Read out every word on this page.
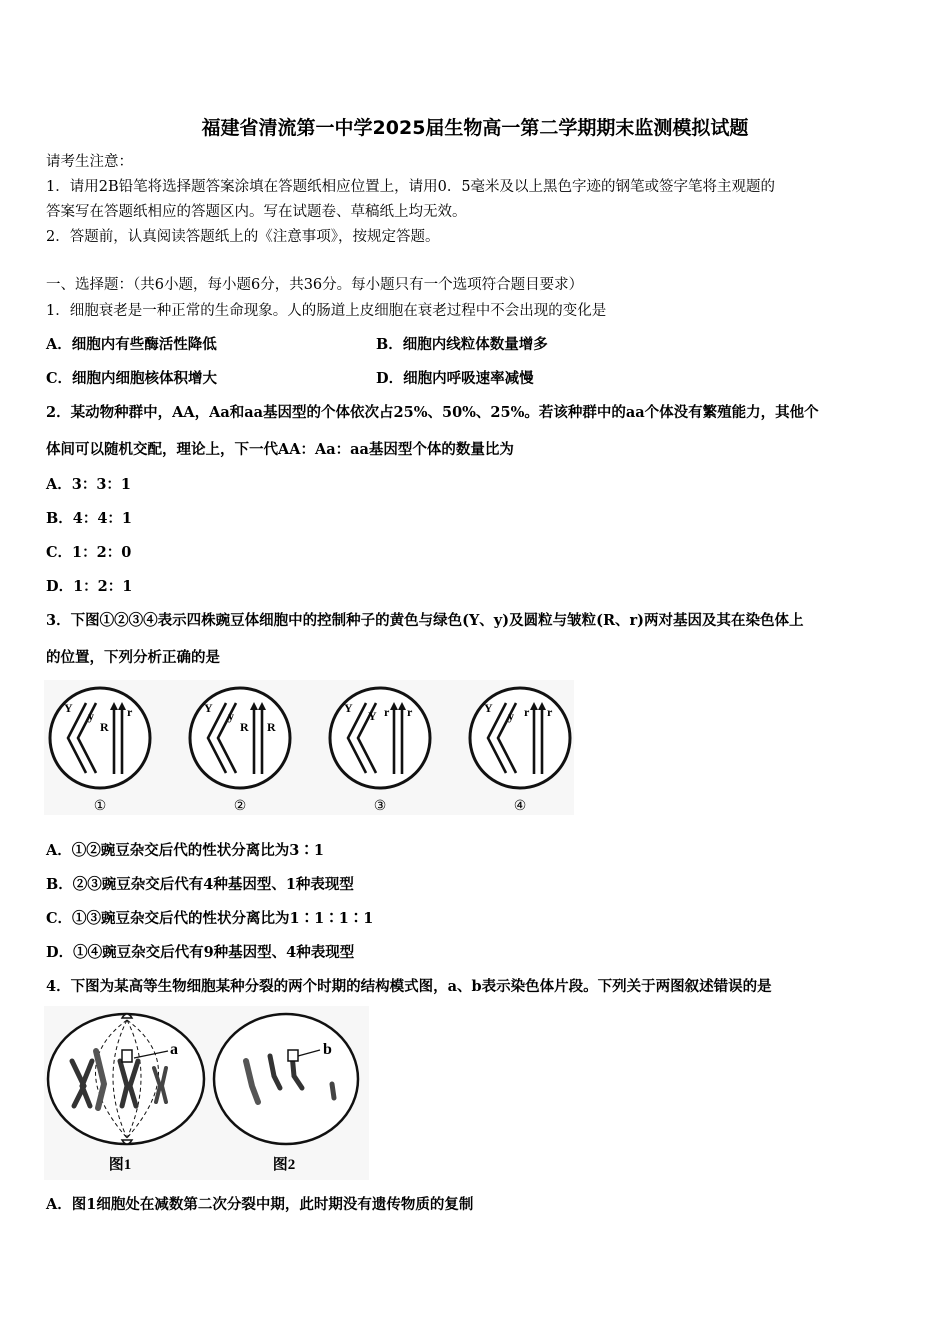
福建省清流第一中学2025届生物高一第二学期期末监测模拟试题
请考生注意：
1．请用2B铅笔将选择题答案涂填在答题纸相应位置上，请用0．5毫米及以上黑色字迹的钢笔或签字笔将主观题的
答案写在答题纸相应的答题区内。写在试题卷、草稿纸上均无效。
2．答题前，认真阅读答题纸上的《注意事项》，按规定答题。
一、选择题：（共6小题，每小题6分，共36分。每小题只有一个选项符合题目要求）
1．细胞衰老是一种正常的生命现象。人的肠道上皮细胞在衰老过程中不会出现的变化是
A．细胞内有些酶活性降低	B．细胞内线粒体数量增多
C．细胞内细胞核体积增大	D．细胞内呼吸速率减慢
2．某动物种群中，AA，Aa和aa基因型的个体依次占25%、50%、25%。若该种群中的aa个体没有繁殖能力，其他个
体间可以随机交配，理论上，下一代AA：Aa：aa基因型个体的数量比为
A．3：3：1
B．4：4：1
C．1：2：0
D．1：2：1
3．下图①②③④表示四株豌豆体细胞中的控制种子的黄色与绿色(Y、y)及圆粒与皱粒(R、r)两对基因及其在染色体上
的位置，下列分析正确的是
Y
y
R
r
①
Y
y
R R
②
Y
Y r r
③
Y
y r r
④
A．①②豌豆杂交后代的性状分离比为3∶1
B．②③豌豆杂交后代有4种基因型、1种表现型
C．①③豌豆杂交后代的性状分离比为1∶1∶1∶1
D．①④豌豆杂交后代有9种基因型、4种表现型
4．下图为某高等生物细胞某种分裂的两个时期的结构模式图，a、b表示染色体片段。下列关于两图叙述错误的是
a
图1
b
图2
A．图1细胞处在减数第二次分裂中期，此时期没有遗传物质的复制
